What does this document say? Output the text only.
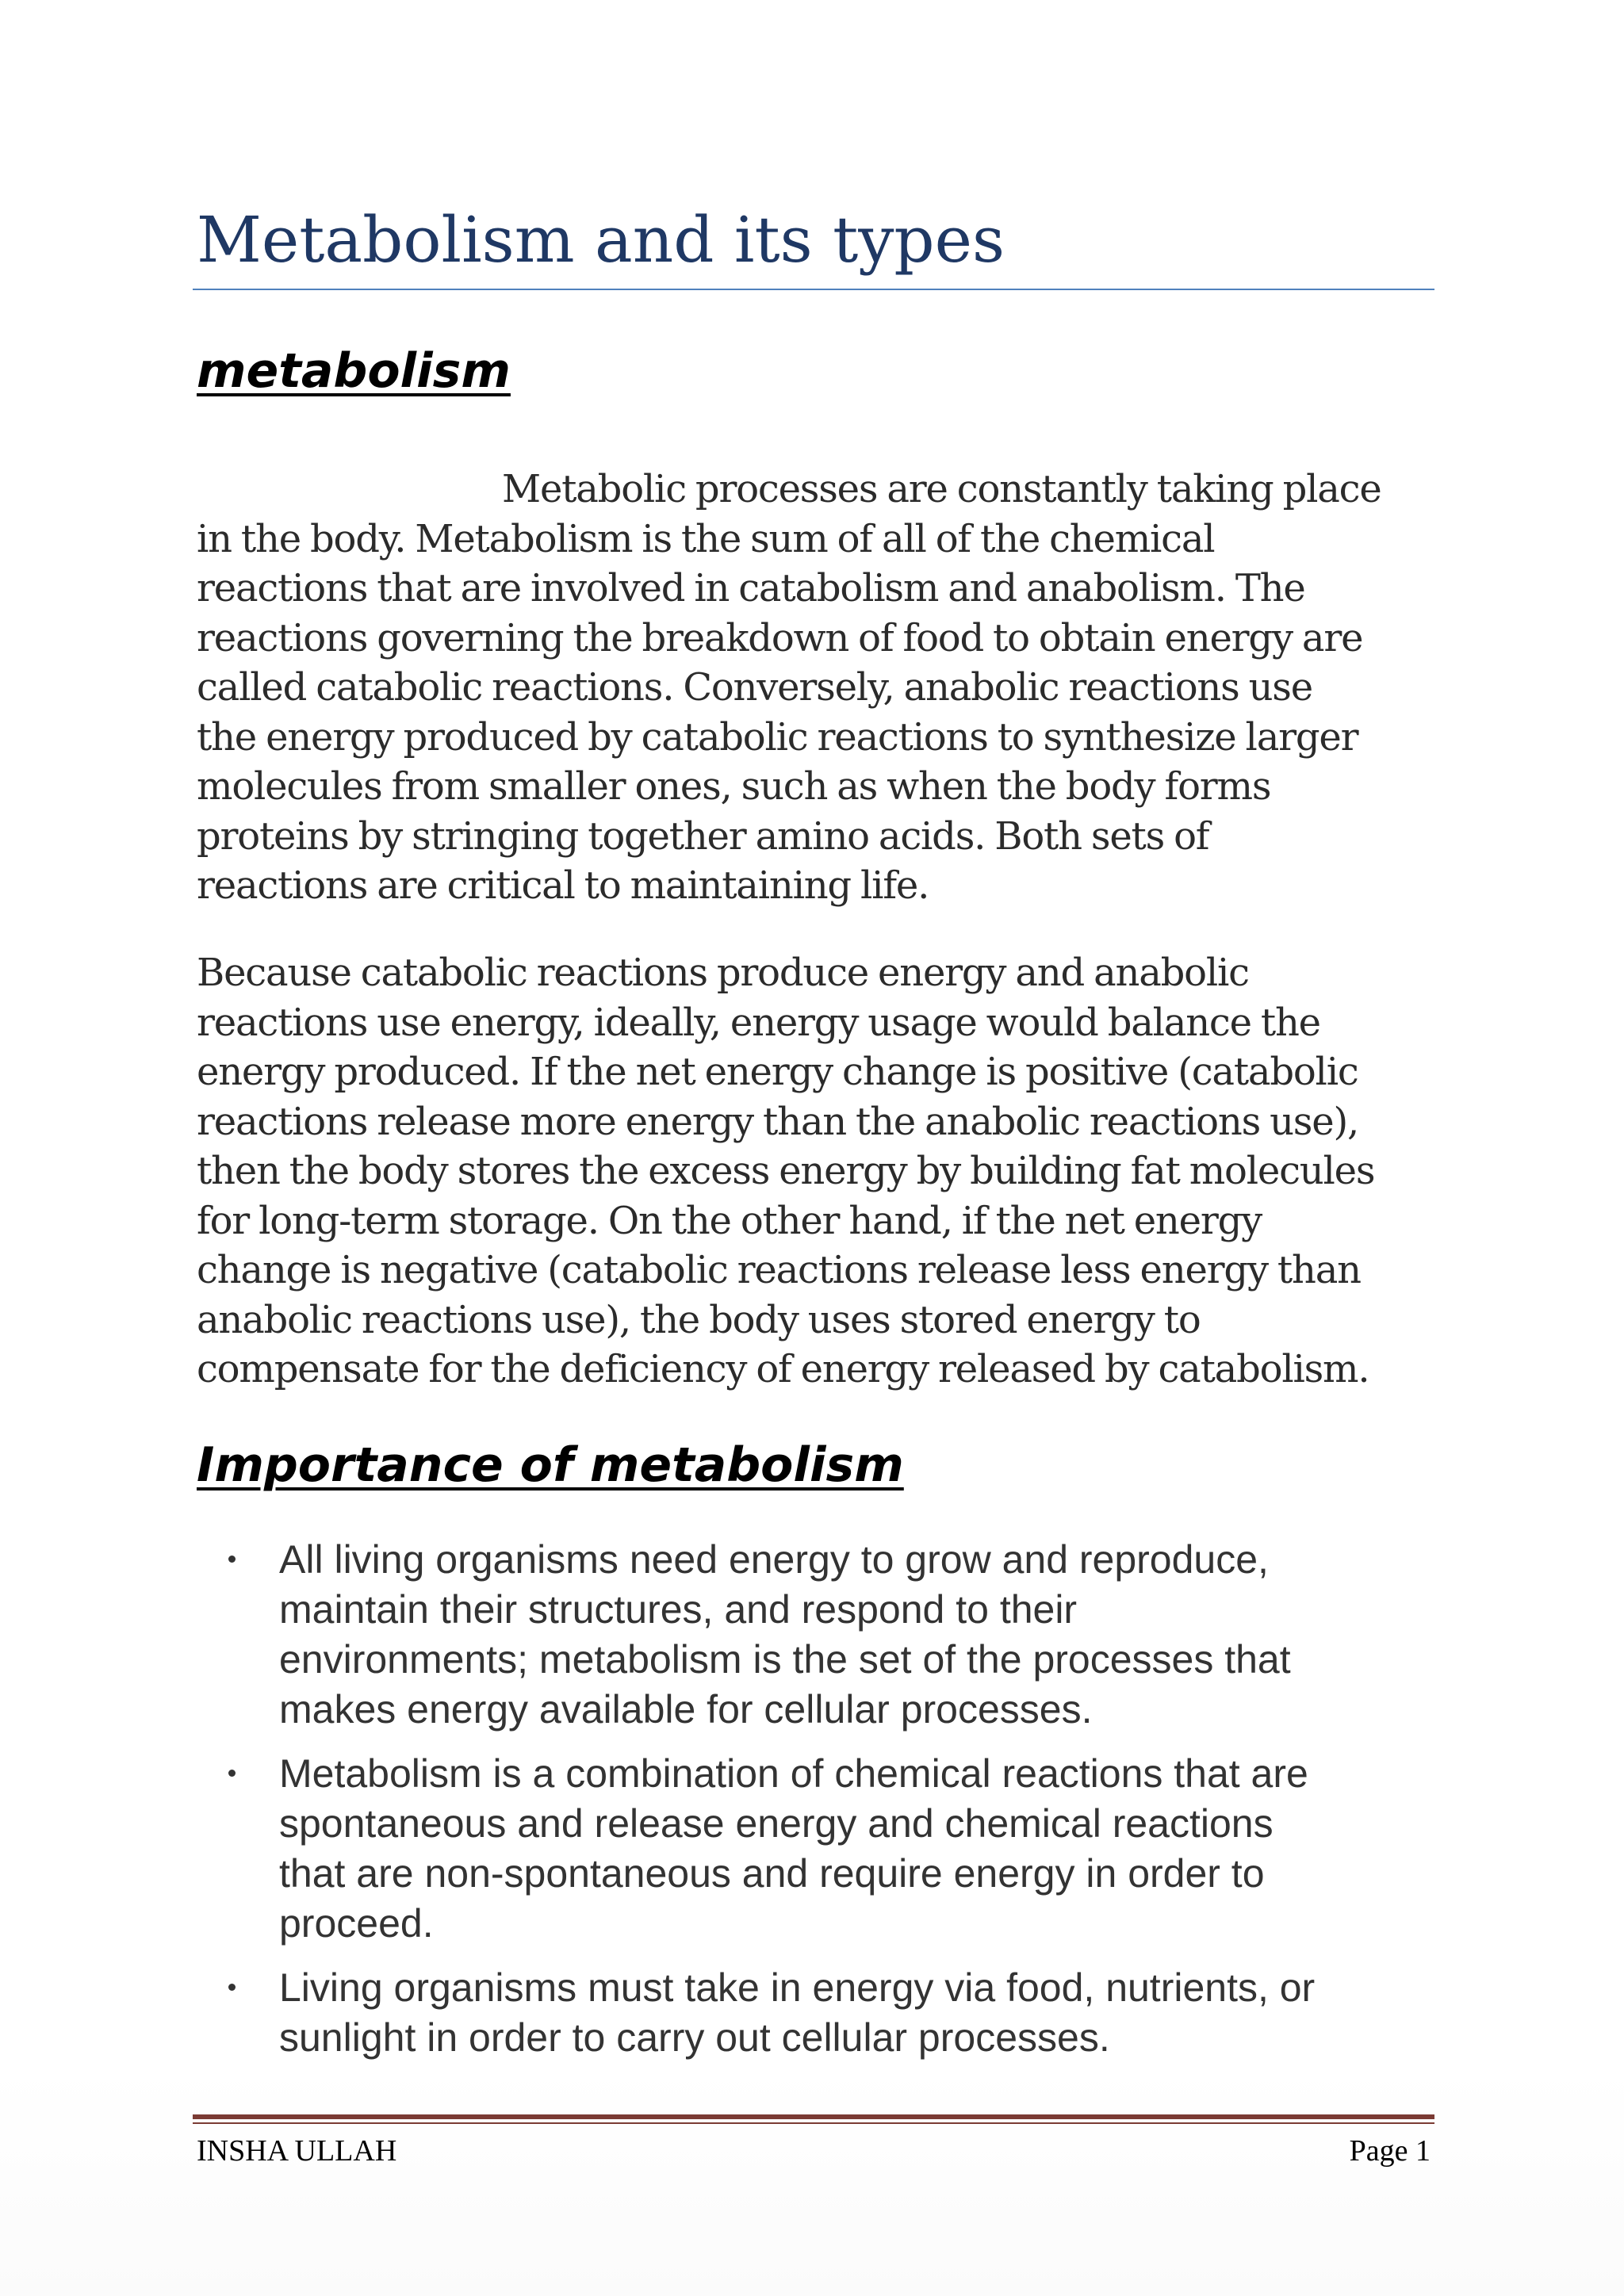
Metabolism and its types
metabolism

Metabolic processes are constantly taking place
in the body. Metabolism is the sum of all of the chemical
reactions that are involved in catabolism and anabolism. The
reactions governing the breakdown of food to obtain energy are
called catabolic reactions. Conversely, anabolic reactions use
the energy produced by catabolic reactions to synthesize larger
molecules from smaller ones, such as when the body forms
proteins by stringing together amino acids. Both sets of
reactions are critical to maintaining life.

Because catabolic reactions produce energy and anabolic
reactions use energy, ideally, energy usage would balance the
energy produced. If the net energy change is positive (catabolic
reactions release more energy than the anabolic reactions use),
then the body stores the excess energy by building fat molecules
for long-term storage. On the other hand, if the net energy
change is negative (catabolic reactions release less energy than
anabolic reactions use), the body uses stored energy to
compensate for the deficiency of energy released by catabolism.

Importance of metabolism
All living organisms need energy to grow and reproduce,
maintain their structures, and respond to their
environments; metabolism is the set of the processes that
makes energy available for cellular processes.
Metabolism is a combination of chemical reactions that are
spontaneous and release energy and chemical reactions
that are non-spontaneous and require energy in order to
proceed.
Living organisms must take in energy via food, nutrients, or
sunlight in order to carry out cellular processes.
INSHA ULLAH	Page 1
